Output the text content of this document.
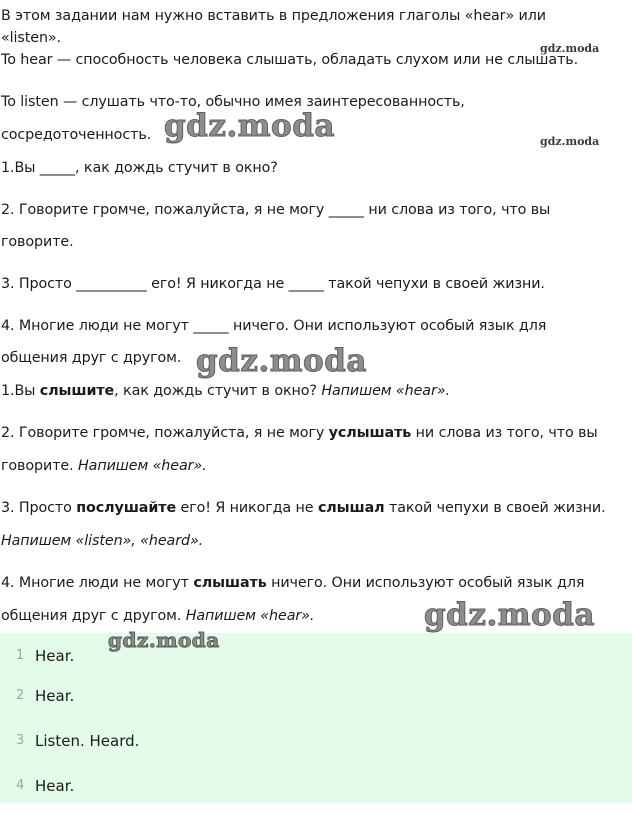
В этом задании нам нужно вставить в предложения глаголы «hear» или

«listen».

To hear — способность человека слышать, обладать слухом или не слышать.

To listen — слушать что-то, обычно имея заинтересованность,

сосредоточенность.

1.Вы _____, как дождь стучит в окно?

2. Говорите громче, пожалуйста, я не могу _____ ни слова из того, что вы

говорите.

3. Просто __________ его! Я никогда не _____ такой чепухи в своей жизни.

4. Многие люди не могут _____ ничего. Они используют особый язык для

общения друг с другом.

1.Вы слышите, как дождь стучит в окно? Напишем «hear».

2. Говорите громче, пожалуйста, я не могу услышать ни слова из того, что вы

говорите. Напишем «hear».

3. Просто послушайте его! Я никогда не слышал такой чепухи в своей жизни.

Напишем «listen», «heard».

4. Многие люди не могут слышать ничего. Они используют особый язык для

общения друг с другом. Напишем «hear».

1 Hear.
2 Hear.
3 Listen. Heard.
4 Hear.
gdz.moda
gdz.moda
gdz.moda
gdz.moda
gdz.moda
gdz.moda
